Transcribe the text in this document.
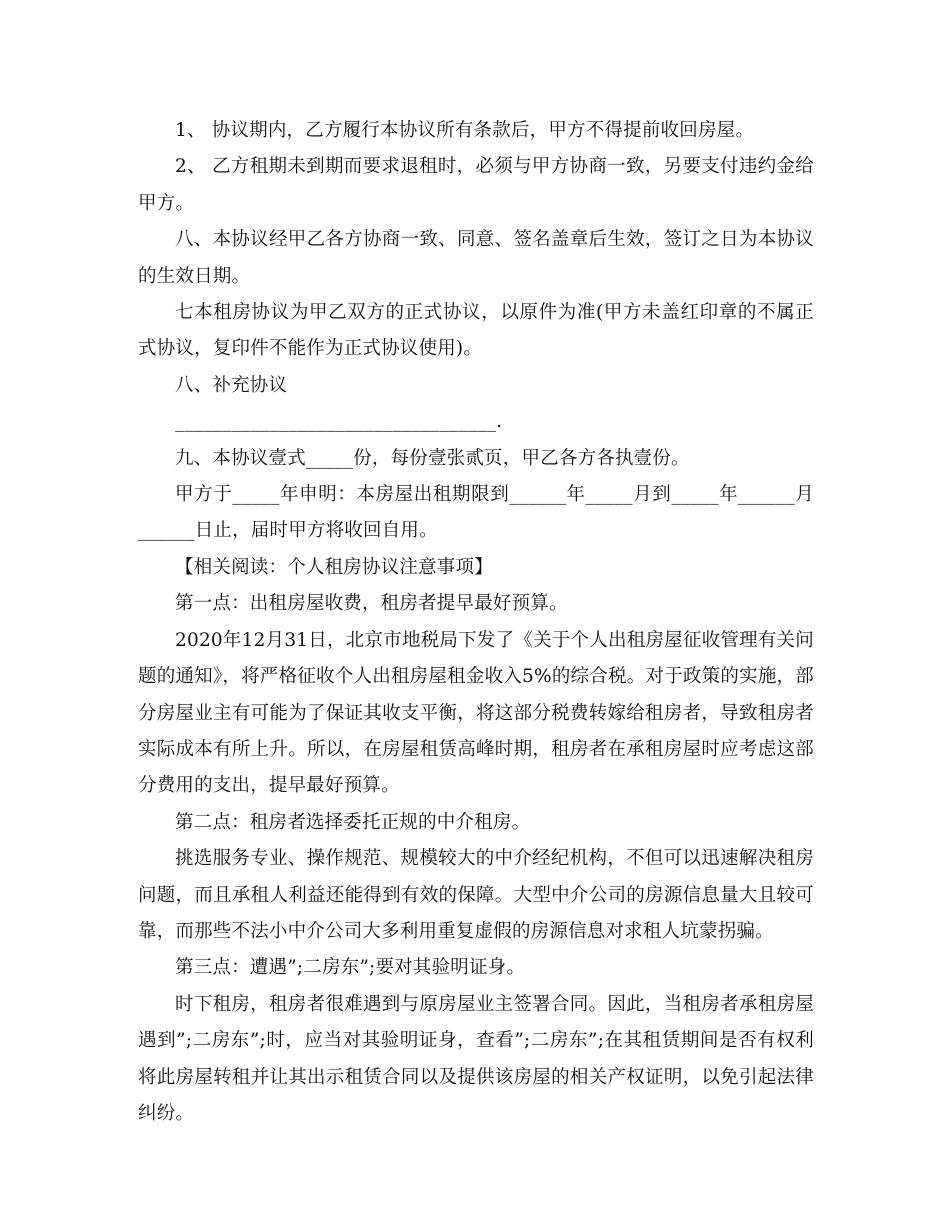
1、 协议期内，乙方履行本协议所有条款后，甲方不得提前收回房屋。

2、 乙方租期未到期而要求退租时，必须与甲方协商一致，另要支付违约金给甲方。

八、本协议经甲乙各方协商一致、同意、签名盖章后生效，签订之日为本协议的生效日期。

七本租房协议为甲乙双方的正式协议，以原件为准(甲方未盖红印章的不属正式协议，复印件不能作为正式协议使用)。

八、补充协议

__________________________________.

九、本协议壹式_____份，每份壹张贰页，甲乙各方各执壹份。

甲方于_____年申明：本房屋出租期限到______年_____月到_____年______月______日止，届时甲方将收回自用。

【相关阅读：个人租房协议注意事项】

第一点：出租房屋收费，租房者提早最好预算。

2020年12月31日，北京市地税局下发了《关于个人出租房屋征收管理有关问题的通知》，将严格征收个人出租房屋租金收入5%的综合税。对于政策的实施，部分房屋业主有可能为了保证其收支平衡，将这部分税费转嫁给租房者，导致租房者实际成本有所上升。所以，在房屋租赁高峰时期，租房者在承租房屋时应考虑这部分费用的支出，提早最好预算。

第二点：租房者选择委托正规的中介租房。

挑选服务专业、操作规范、规模较大的中介经纪机构，不但可以迅速解决租房问题，而且承租人利益还能得到有效的保障。大型中介公司的房源信息量大且较可靠，而那些不法小中介公司大多利用重复虚假的房源信息对求租人坑蒙拐骗。

第三点：遭遇”;二房东”;要对其验明证身。

时下租房，租房者很难遇到与原房屋业主签署合同。因此，当租房者承租房屋遇到”;二房东”;时，应当对其验明证身，查看”;二房东”;在其租赁期间是否有权利将此房屋转租并让其出示租赁合同以及提供该房屋的相关产权证明，以免引起法律纠纷。
